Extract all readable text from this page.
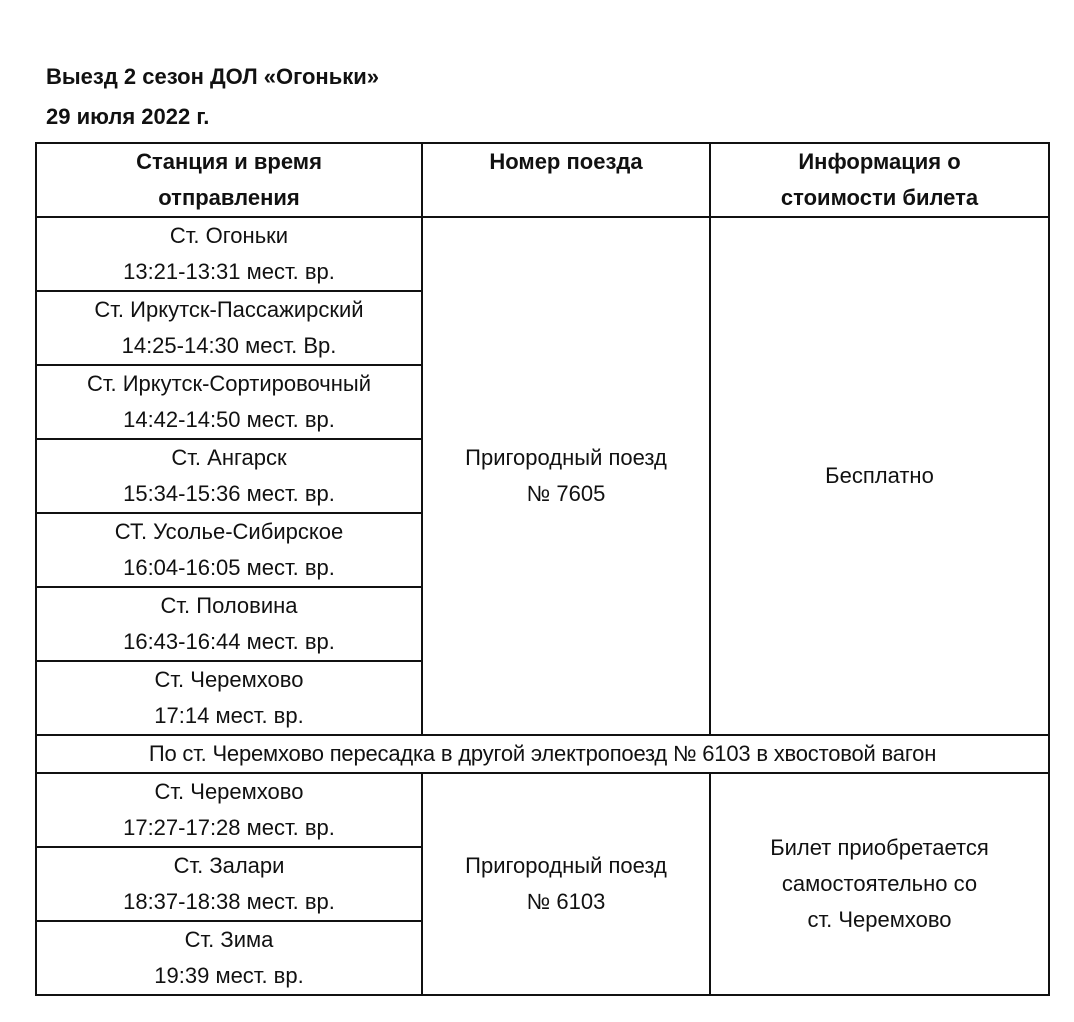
Выезд 2 сезон ДОЛ «Огоньки»
29 июля 2022 г.
Станция и время
отправления	Номер поезда	Информация о
стоимости билета

Ст. Огоньки
13:21-13:31 мест. вр.	Пригородный поезд
№ 7605	Бесплатно

Ст. Иркутск-Пассажирский
14:25-14:30 мест. Вр.		

Ст. Иркутск-Сортировочный
14:42-14:50 мест. вр.		

Ст. Ангарск
15:34-15:36 мест. вр.		

СТ. Усолье-Сибирское
16:04-16:05 мест. вр.		

Ст. Половина
16:43-16:44 мест. вр.		

Ст. Черемхово
17:14 мест. вр.		

По ст. Черемхово пересадка в другой электропоезд № 6103 в хвостовой вагон		

Ст. Черемхово
17:27-17:28 мест. вр.	Пригородный поезд
№ 6103	Билет приобретается
самостоятельно со
ст. Черемхово

Ст. Залари
18:37-18:38 мест. вр.		

Ст. Зима
19:39 мест. вр.		
